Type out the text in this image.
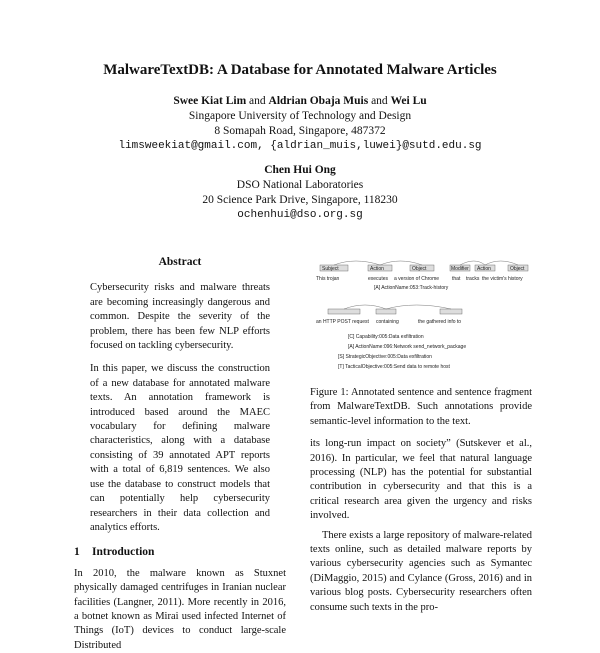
MalwareTextDB: A Database for Annotated Malware Articles
Swee Kiat Lim and Aldrian Obaja Muis and Wei Lu
Singapore University of Technology and Design
8 Somapah Road, Singapore, 487372
limsweekiat@gmail.com, {aldrian_muis,luwei}@sutd.edu.sg
Chen Hui Ong
DSO National Laboratories
20 Science Park Drive, Singapore, 118230
ochenhui@dso.org.sg
Abstract

Cybersecurity risks and malware threats are becoming increasingly dangerous and common. Despite the severity of the problem, there has been few NLP efforts focused on tackling cybersecurity.

In this paper, we discuss the construction of a new database for annotated malware texts. An annotation framework is introduced based around the MAEC vocabulary for defining malware characteristics, along with a database consisting of 39 annotated APT reports with a total of 6,819 sentences. We also use the database to construct models that can potentially help cybersecurity researchers in their data collection and analytics efforts.

1 Introduction

In 2010, the malware known as Stuxnet physically damaged centrifuges in Iranian nuclear facilities (Langner, 2011). More recently in 2016, a botnet known as Mirai used infected Internet of Things (IoT) devices to conduct large-scale Distributed

Subject	Action	Object	Modifier Action	Object
This trojan	executes a version of Chrome	that tracks the victim's history
[A] ActionName:053:Track-history
an HTTP POST request containing	the gathered info to
[C] Capability:005:Data exfiltration
[A] ActionName:096:Network send_network_package
[S] StrategicObjective:005:Data exfiltration
[T] TacticalObjective:005:Send data to remote host

Figure 1: Annotated sentence and sentence fragment from MalwareTextDB. Such annotations provide semantic-level information to the text.

its long-run impact on society” (Sutskever et al., 2016). In particular, we feel that natural language processing (NLP) has the potential for substantial contribution in cybersecurity and that this is a critical research area given the urgency and risks involved.

There exists a large repository of malware-related texts online, such as detailed malware reports by various cybersecurity agencies such as Symantec (DiMaggio, 2015) and Cylance (Gross, 2016) and in various blog posts. Cybersecurity researchers often consume such texts in the pro-
